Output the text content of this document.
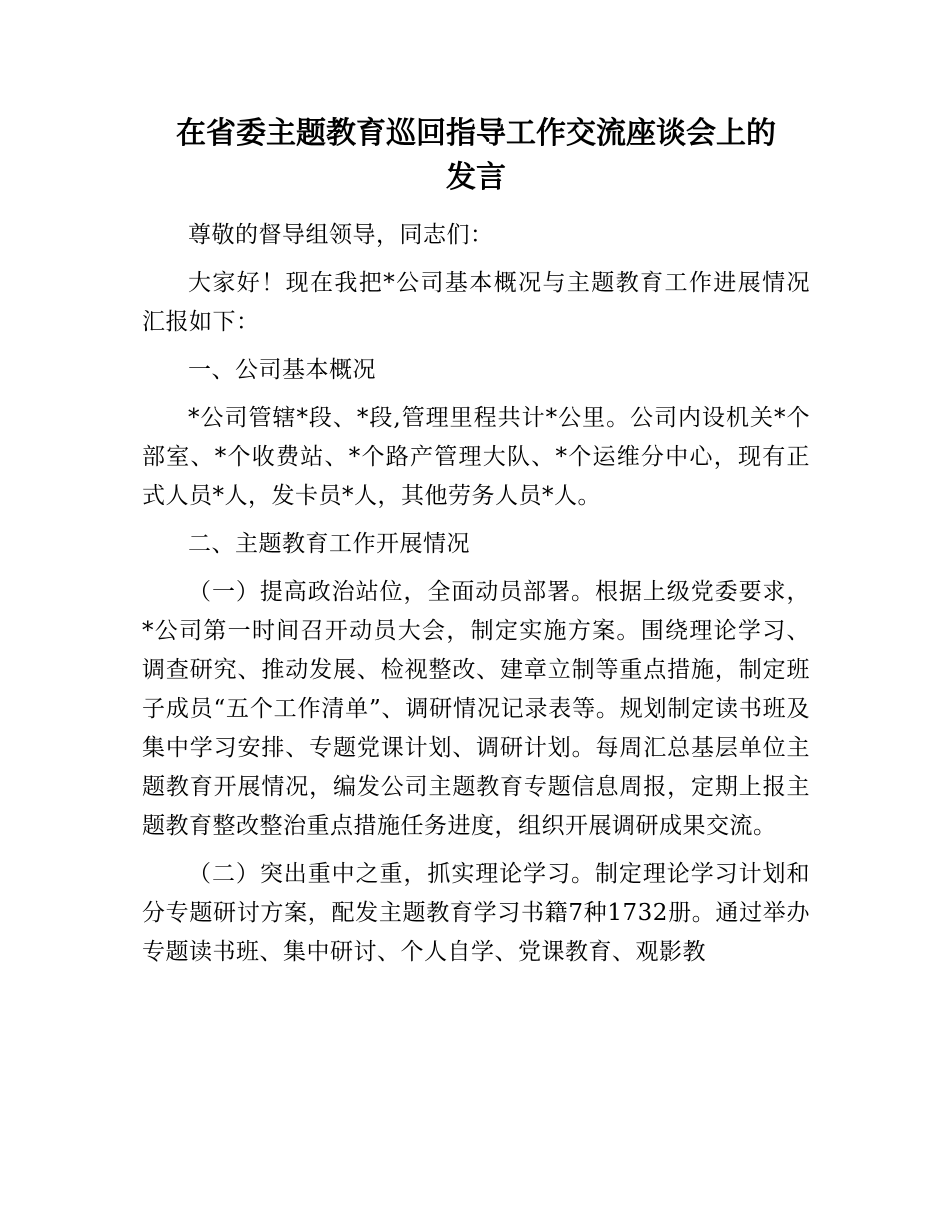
在省委主题教育巡回指导工作交流座谈会上的
发言

尊敬的督导组领导，同志们：

大家好！现在我把*公司基本概况与主题教育工作进展情况汇报如下：

一、公司基本概况

*公司管辖*段、*段,管理里程共计*公里。公司内设机关*个部室、*个收费站、*个路产管理大队、*个运维分中心，现有正式人员*人，发卡员*人，其他劳务人员*人。

二、主题教育工作开展情况

（一）提高政治站位，全面动员部署。根据上级党委要求，*公司第一时间召开动员大会，制定实施方案。围绕理论学习、调查研究、推动发展、检视整改、建章立制等重点措施，制定班子成员“五个工作清单”、调研情况记录表等。规划制定读书班及集中学习安排、专题党课计划、调研计划。每周汇总基层单位主题教育开展情况，编发公司主题教育专题信息周报，定期上报主题教育整改整治重点措施任务进度，组织开展调研成果交流。

（二）突出重中之重，抓实理论学习。制定理论学习计划和分专题研讨方案，配发主题教育学习书籍7种1732册。通过举办专题读书班、集中研讨、个人自学、党课教育、观影教
